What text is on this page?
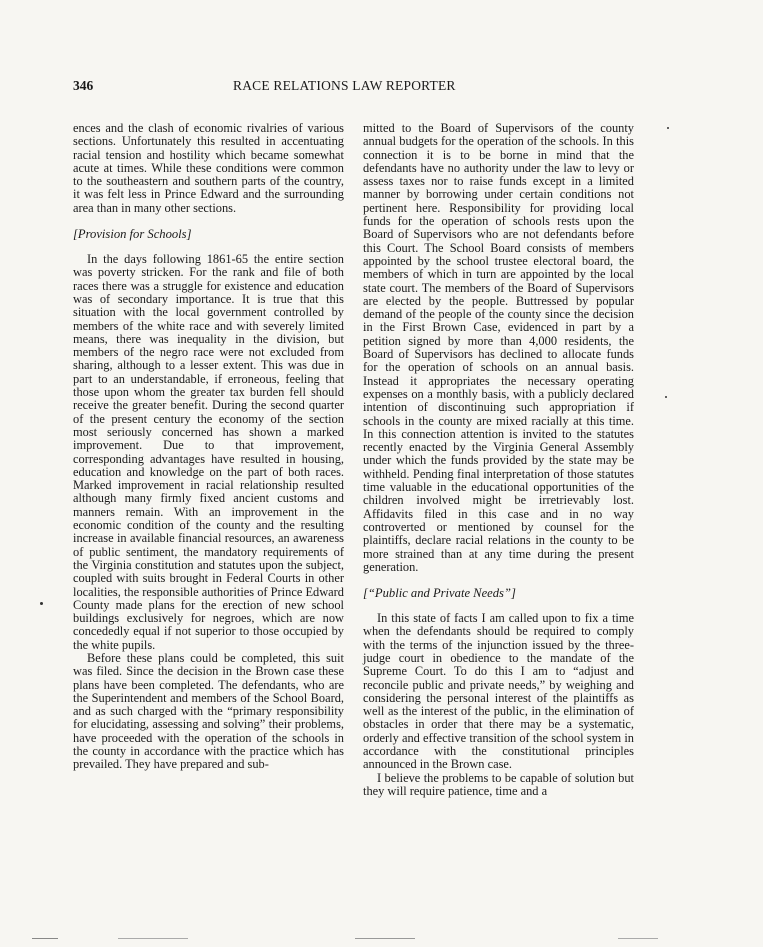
346	RACE RELATIONS LAW REPORTER

ences and the clash of economic rivalries of various sections. Unfortunately this resulted in accentuating racial tension and hostility which became somewhat acute at times. While these conditions were common to the southeastern and southern parts of the country, it was felt less in Prince Edward and the surrounding area than in many other sections.

[Provision for Schools]

In the days following 1861-65 the entire section was poverty stricken. For the rank and file of both races there was a struggle for existence and education was of secondary importance. It is true that this situation with the local government controlled by members of the white race and with severely limited means, there was inequality in the division, but members of the negro race were not excluded from sharing, although to a lesser extent. This was due in part to an understandable, if erroneous, feeling that those upon whom the greater tax burden fell should receive the greater benefit. During the second quarter of the present century the economy of the section most seriously concerned has shown a marked improvement. Due to that improvement, corresponding advantages have resulted in housing, education and knowledge on the part of both races. Marked improvement in racial relationship resulted although many firmly fixed ancient customs and manners remain. With an improvement in the economic condition of the county and the resulting increase in available financial resources, an awareness of public sentiment, the mandatory requirements of the Virginia constitution and statutes upon the subject, coupled with suits brought in Federal Courts in other localities, the responsible authorities of Prince Edward County made plans for the erection of new school buildings exclusively for negroes, which are now concededly equal if not superior to those occupied by the white pupils.

Before these plans could be completed, this suit was filed. Since the decision in the Brown case these plans have been completed. The defendants, who are the Superintendent and members of the School Board, and as such charged with the “primary responsibility for elucidating, assessing and solving” their problems, have proceeded with the operation of the schools in the county in accordance with the practice which has prevailed. They have prepared and sub-

mitted to the Board of Supervisors of the county annual budgets for the operation of the schools. In this connection it is to be borne in mind that the defendants have no authority under the law to levy or assess taxes nor to raise funds except in a limited manner by borrowing under certain conditions not pertinent here. Responsibility for providing local funds for the operation of schools rests upon the Board of Supervisors who are not defendants before this Court. The School Board consists of members appointed by the school trustee electoral board, the members of which in turn are appointed by the local state court. The members of the Board of Supervisors are elected by the people. Buttressed by popular demand of the people of the county since the decision in the First Brown Case, evidenced in part by a petition signed by more than 4,000 residents, the Board of Supervisors has declined to allocate funds for the operation of schools on an annual basis. Instead it appropriates the necessary operating expenses on a monthly basis, with a publicly declared intention of discontinuing such appropriation if schools in the county are mixed racially at this time. In this connection attention is invited to the statutes recently enacted by the Virginia General Assembly under which the funds provided by the state may be withheld. Pending final interpretation of those statutes time valuable in the educational opportunities of the children involved might be irretrievably lost. Affidavits filed in this case and in no way controverted or mentioned by counsel for the plaintiffs, declare racial relations in the county to be more strained than at any time during the present generation.

[“Public and Private Needs”]

In this state of facts I am called upon to fix a time when the defendants should be required to comply with the terms of the injunction issued by the three-judge court in obedience to the mandate of the Supreme Court. To do this I am to “adjust and reconcile public and private needs,” by weighing and considering the personal interest of the plaintiffs as well as the interest of the public, in the elimination of obstacles in order that there may be a systematic, orderly and effective transition of the school system in accordance with the constitutional principles announced in the Brown case.

I believe the problems to be capable of solution but they will require patience, time and a
